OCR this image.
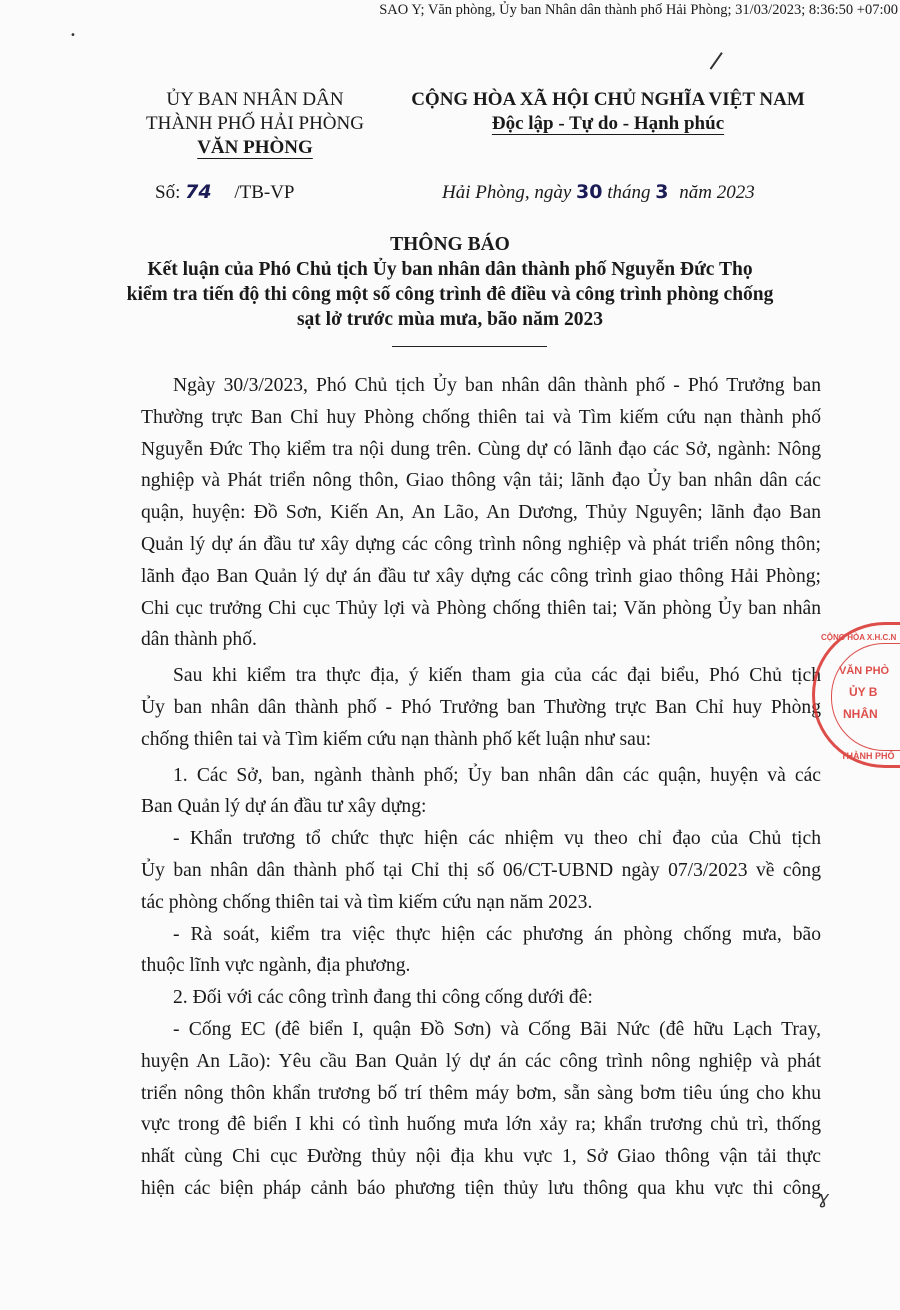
SAO Y; Văn phòng, Ủy ban Nhân dân thành phố Hải Phòng; 31/03/2023; 8:36:50 +07:00
•
ỦY BAN NHÂN DÂN
THÀNH PHỐ HẢI PHÒNG
VĂN PHÒNG
CỘNG HÒA XÃ HỘI CHỦ NGHĨA VIỆT NAM
Độc lập - Tự do - Hạnh phúc
Số: 74 /TB-VP	Hải Phòng, ngày 30 tháng 3 năm 2023
THÔNG BÁO
Kết luận của Phó Chủ tịch Ủy ban nhân dân thành phố Nguyễn Đức Thọ
kiểm tra tiến độ thi công một số công trình đê điều và công trình phòng chống
sạt lở trước mùa mưa, bão năm 2023
Ngày 30/3/2023, Phó Chủ tịch Ủy ban nhân dân thành phố - Phó Trưởng ban
Thường trực Ban Chỉ huy Phòng chống thiên tai và Tìm kiếm cứu nạn thành phố
Nguyễn Đức Thọ kiểm tra nội dung trên. Cùng dự có lãnh đạo các Sở, ngành: Nông
nghiệp và Phát triển nông thôn, Giao thông vận tải; lãnh đạo Ủy ban nhân dân các
quận, huyện: Đồ Sơn, Kiến An, An Lão, An Dương, Thủy Nguyên; lãnh đạo Ban
Quản lý dự án đầu tư xây dựng các công trình nông nghiệp và phát triển nông thôn;
lãnh đạo Ban Quản lý dự án đầu tư xây dựng các công trình giao thông Hải Phòng;
Chi cục trưởng Chi cục Thủy lợi và Phòng chống thiên tai; Văn phòng Ủy ban nhân
dân thành phố.
Sau khi kiểm tra thực địa, ý kiến tham gia của các đại biểu, Phó Chủ tịch
Ủy ban nhân dân thành phố - Phó Trưởng ban Thường trực Ban Chỉ huy Phòng
chống thiên tai và Tìm kiếm cứu nạn thành phố kết luận như sau:
1. Các Sở, ban, ngành thành phố; Ủy ban nhân dân các quận, huyện và các
Ban Quản lý dự án đầu tư xây dựng:
- Khẩn trương tổ chức thực hiện các nhiệm vụ theo chỉ đạo của Chủ tịch
Ủy ban nhân dân thành phố tại Chỉ thị số 06/CT-UBND ngày 07/3/2023 về công
tác phòng chống thiên tai và tìm kiếm cứu nạn năm 2023.
- Rà soát, kiểm tra việc thực hiện các phương án phòng chống mưa, bão
thuộc lĩnh vực ngành, địa phương.
2. Đối với các công trình đang thi công cống dưới đê:
- Cống EC (đê biển I, quận Đồ Sơn) và Cống Bãi Nức (đê hữu Lạch Tray,
huyện An Lão): Yêu cầu Ban Quản lý dự án các công trình nông nghiệp và phát
triển nông thôn khẩn trương bố trí thêm máy bơm, sẵn sàng bơm tiêu úng cho khu
vực trong đê biển I khi có tình huống mưa lớn xảy ra; khẩn trương chủ trì, thống
nhất cùng Chi cục Đường thủy nội địa khu vực 1, Sở Giao thông vận tải thực
hiện các biện pháp cảnh báo phương tiện thủy lưu thông qua khu vực thi công
CỘNG HÒA X.H.C.N
VĂN PHÒ
ỦY B
NHÂN
THÀNH PHỐ
ɣ
